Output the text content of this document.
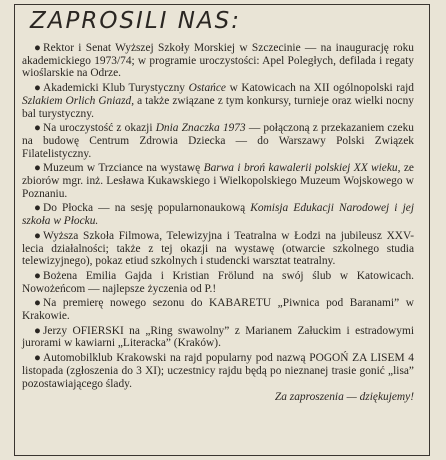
ZAPROSILI NAS:

● Rektor i Senat Wyższej Szkoły Morskiej w Szczecinie — na inaugurację roku akademickiego 1973/74; w programie uroczystości: Apel Poległych, defilada i regaty wioślarskie na Odrze.

● Akademicki Klub Turystyczny Ostańce w Katowicach na XII ogólnopolski rajd Szlakiem Orlich Gniazd, a także związane z tym konkursy, turnieje oraz wielki nocny bal turystyczny.

● Na uroczystość z okazji Dnia Znaczka 1973 — połączoną z przekazaniem czeku na budowę Centrum Zdrowia Dziecka — do Warszawy Polski Związek Filatelistyczny.

● Muzeum w Trzciance na wystawę Barwa i broń kawalerii polskiej XX wieku, ze zbiorów mgr. inż. Lesława Kukawskiego i Wielkopolskiego Muzeum Wojskowego w Poznaniu.

● Do Płocka — na sesję popularnonaukową Komisja Edukacji Narodowej i jej szkoła w Płocku.

● Wyższa Szkoła Filmowa, Telewizyjna i Teatralna w Łodzi na jubileusz XXV-lecia działalności; także z tej okazji na wystawę (otwarcie szkolnego studia telewizyjnego), pokaz etiud szkolnych i studencki warsztat teatralny.

● Bożena Emilia Gajda i Kristian Frölund na swój ślub w Katowicach. Nowożeńcom — najlepsze życzenia od P.!

● Na premierę nowego sezonu do KABARETU „Piwnica pod Baranami” w Krakowie.

● Jerzy OFIERSKI na „Ring swawolny” z Marianem Załuckim i estradowymi jurorami w kawiarni „Literacka” (Kraków).

● Automobilklub Krakowski na rajd popularny pod nazwą POGOŃ ZA LISEM 4 listopada (zgłoszenia do 3 XI); uczestnicy rajdu będą po nieznanej trasie gonić „lisa” pozostawiającego ślady.

Za zaproszenia — dziękujemy!
